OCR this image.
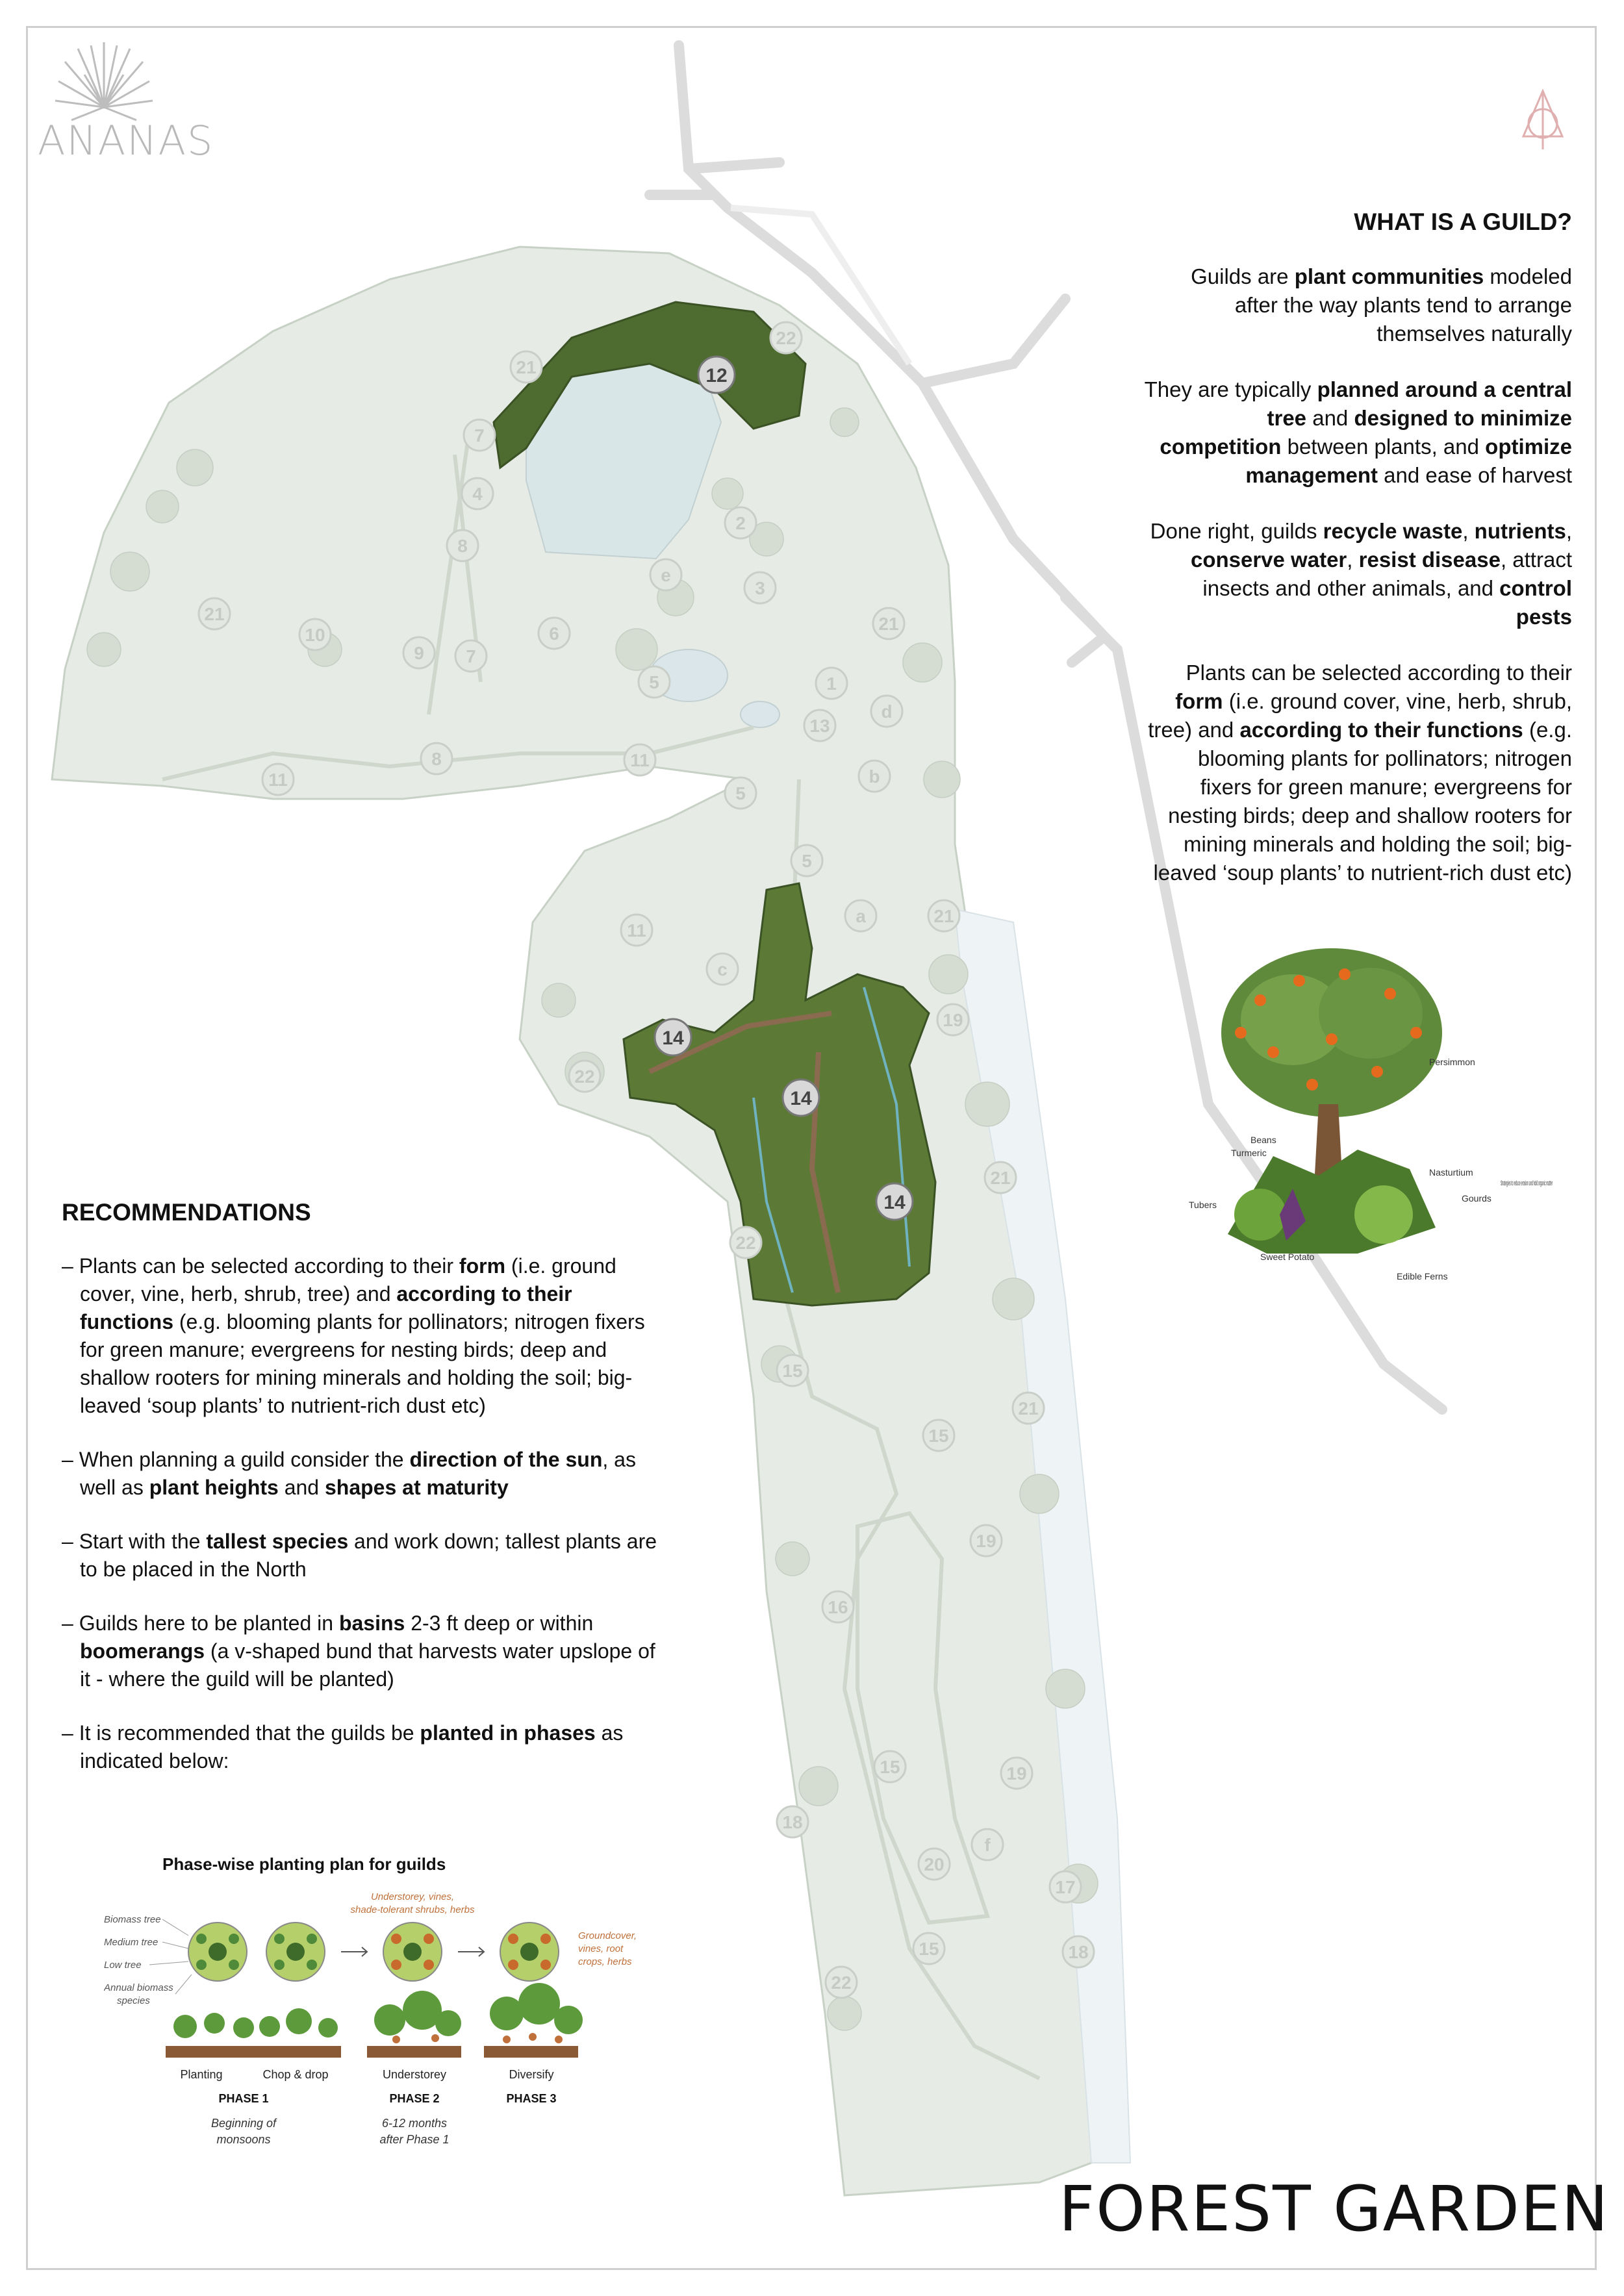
ANANAS
12
14
14
14
21
22
7
4
8
21
10
9 7
6
5
2
e
3
21
1
d
13
b
11
8
11
5
5
a
11
c
21
19
22
21
22
15
15
21
19
16
15	19
18
f
20
17
15
22
18
WHAT IS A GUILD?

Guilds are plant communities modeled after the way plants tend to arrange themselves naturally

They are typically planned around a central tree and designed to minimize competition between plants, and optimize management and ease of harvest

Done right, guilds recycle waste, nutrients, conserve water, resist disease, attract insects and other animals, and control pests

Plants can be selected according to their form (i.e. ground cover, vine, herb, shrub, tree) and according to their functions (e.g. blooming plants for pollinators; nitrogen fixers for green manure; evergreens for nesting birds; deep and shallow rooters for mining minerals and holding the soil; big-leaved ‘soup plants’ to nutrient-rich dust etc)

Persimmon
Beans
Turmeric
Tubers
Nasturtium
Gourds
Strategies to reduce erosion and hold organic matter
Sweet Potato
Edible Ferns
RECOMMENDATIONS
– Plants can be selected according to their form (i.e. ground cover, vine, herb, shrub, tree) and according to their functions (e.g. blooming plants for pollinators; nitrogen fixers for green manure; evergreens for nesting birds; deep and shallow rooters for mining minerals and holding the soil; big-leaved ‘soup plants’ to nutrient-rich dust etc)
– When planning a guild consider the direction of the sun, as well as plant heights and shapes at maturity
– Start with the tallest species and work down; tallest plants are to be placed in the North
– Guilds here to be planted in basins 2-3 ft deep or within boomerangs (a v-shaped bund that harvests water upslope of it - where the guild will be planted)
– It is recommended that the guilds be planted in phases as indicated below:
Phase-wise planting plan for guilds
Biomass tree
Medium tree
Low tree
Annual biomass
species
Understorey, vines,
shade-tolerant shrubs, herbs
Groundcover,
vines, root
crops, herbs
Planting	Chop & drop	Understorey	Diversify
PHASE 1	PHASE 2	PHASE 3
Beginning of
monsoons
6-12 months
after Phase 1
FOREST GARDEN
